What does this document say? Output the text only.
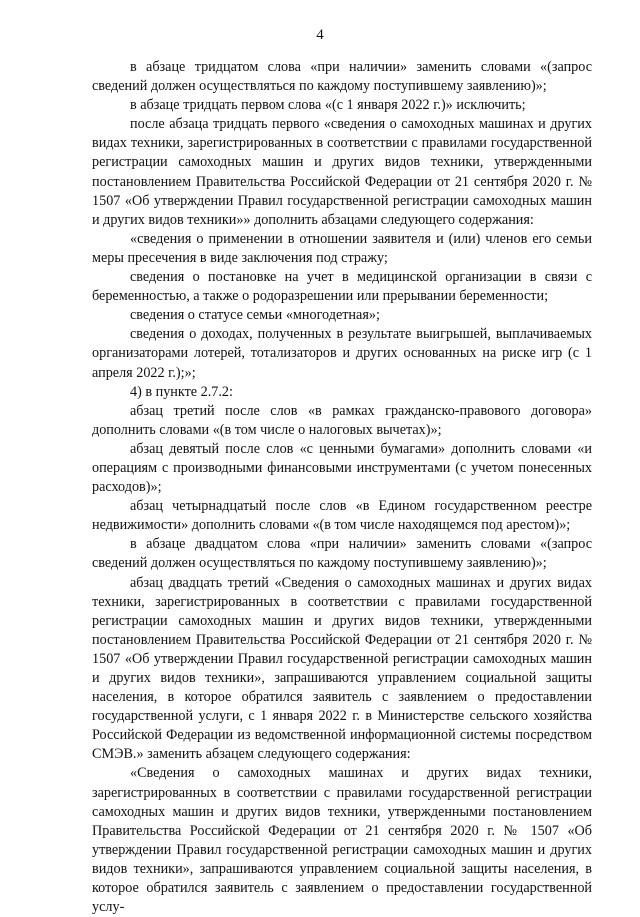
4

в абзаце тридцатом слова «при наличии» заменить словами «(запрос сведений должен осуществляться по каждому поступившему заявлению)»;

в абзаце тридцать первом слова «(с 1 января 2022 г.)» исключить;

после абзаца тридцать первого «сведения о самоходных машинах и других видах техники, зарегистрированных в соответствии с правилами государственной регистрации самоходных машин и других видов техники, утвержденными постановлением Правительства Российской Федерации от 21 сентября 2020 г. № 1507 «Об утверждении Правил государственной регистрации самоходных машин и других видов техники»» дополнить абзацами следующего содержания:

«сведения о применении в отношении заявителя и (или) членов его семьи меры пресечения в виде заключения под стражу;

сведения о постановке на учет в медицинской организации в связи с беременностью, а также о родоразрешении или прерывании беременности;

сведения о статусе семьи «многодетная»;

сведения о доходах, полученных в результате выигрышей, выплачиваемых организаторами лотерей, тотализаторов и других основанных на риске игр (с 1 апреля 2022 г.);»;

4) в пункте 2.7.2:

абзац третий после слов «в рамках гражданско-правового договора» дополнить словами «(в том числе о налоговых вычетах)»;

абзац девятый после слов «с ценными бумагами» дополнить словами «и операциям с производными финансовыми инструментами (с учетом понесенных расходов)»;

абзац четырнадцатый после слов «в Едином государственном реестре недвижимости» дополнить словами «(в том числе находящемся под арестом)»;

в абзаце двадцатом слова «при наличии» заменить словами «(запрос сведений должен осуществляться по каждому поступившему заявлению)»;

абзац двадцать третий «Сведения о самоходных машинах и других видах техники, зарегистрированных в соответствии с правилами государственной регистрации самоходных машин и других видов техники, утвержденными постановлением Правительства Российской Федерации от 21 сентября 2020 г. № 1507 «Об утверждении Правил государственной регистрации самоходных машин и других видов техники», запрашиваются управлением социальной защиты населения, в которое обратился заявитель с заявлением о предоставлении государственной услуги, с 1 января 2022 г. в Министерстве сельского хозяйства Российской Федерации из ведомственной информационной системы посредством СМЭВ.» заменить абзацем следующего содержания:

«Сведения о самоходных машинах и других видах техники, зарегистрированных в соответствии с правилами государственной регистрации самоходных машин и других видов техники, утвержденными постановлением Правительства Российской Федерации от 21 сентября 2020 г. № 1507 «Об утверждении Правил государственной регистрации самоходных машин и других видов техники», запрашиваются управлением социальной защиты населения, в которое обратился заявитель с заявлением о предоставлении государственной услу-
